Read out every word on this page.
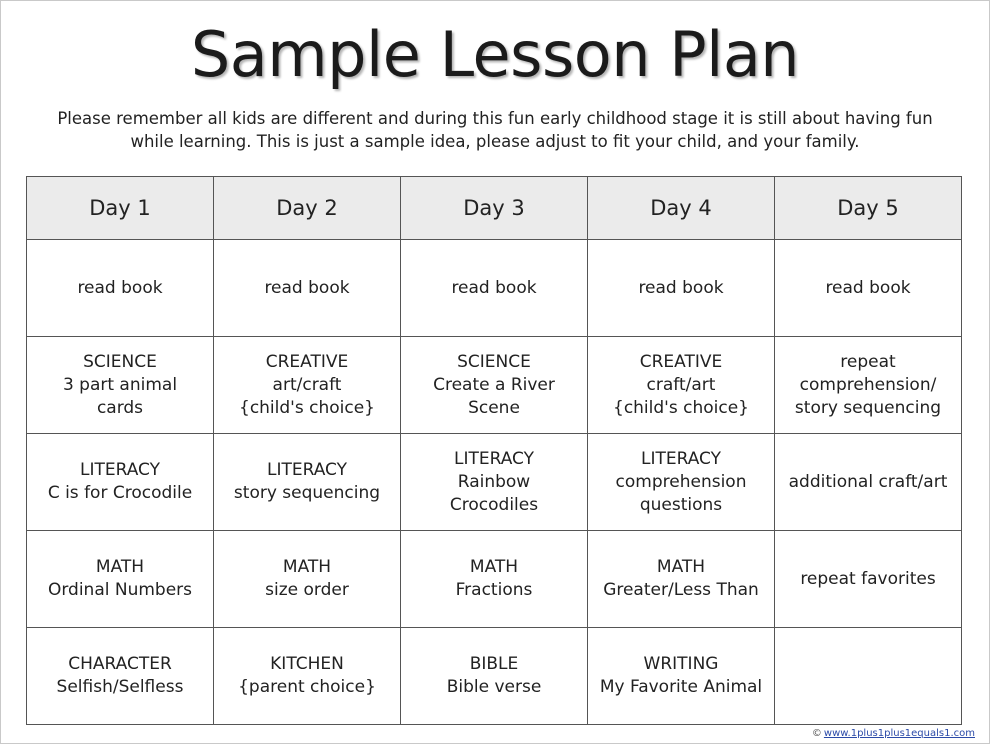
Sample Lesson Plan
Please remember all kids are different and during this fun early childhood stage it is still about having fun while learning. This is just a sample idea, please adjust to fit your child, and your family.
Day 1	Day 2	Day 3	Day 4	Day 5

read book	read book	read book	read book	read book

SCIENCE
3 part animal
cards	CREATIVE
art/craft
{child's choice}	SCIENCE
Create a River
Scene	CREATIVE
craft/art
{child's choice}	repeat
comprehension/
story sequencing

LITERACY
C is for Crocodile	LITERACY
story sequencing	LITERACY
Rainbow
Crocodiles	LITERACY
comprehension
questions	additional craft/art

MATH
Ordinal Numbers	MATH
size order	MATH
Fractions	MATH
Greater/Less Than	repeat favorites

CHARACTER
Selfish/Selfless	KITCHEN
{parent choice}	BIBLE
Bible verse	WRITING
My Favorite Animal	

© www.1plus1plus1equals1.com
